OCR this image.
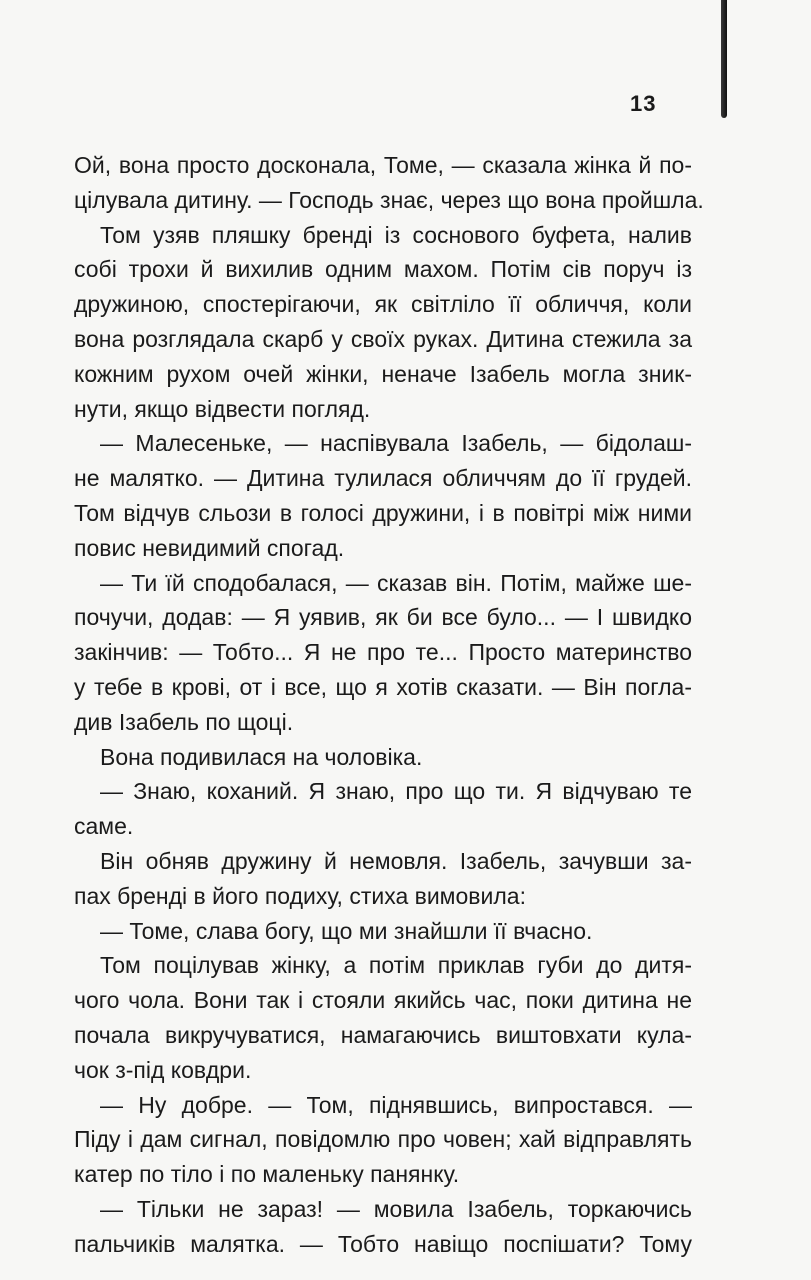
13
Ой, вона просто досконала, Томе, — сказала жінка й по-
цілувала дитину. — Господь знає, через що вона пройшла.
Том узяв пляшку бренді із соснового буфета, налив
собі трохи й вихилив одним махом. Потім сів поруч із
дружиною, спостерігаючи, як світліло її обличчя, коли
вона розглядала скарб у своїх руках. Дитина стежила за
кожним рухом очей жінки, неначе Ізабель могла зник-
нути, якщо відвести погляд.
— Малесеньке, — наспівувала Ізабель, — бідолаш-
не малятко. — Дитина тулилася обличчям до її грудей.
Том відчув сльози в голосі дружини, і в повітрі між ними
повис невидимий спогад.
— Ти їй сподобалася, — сказав він. Потім, майже ше-
почучи, додав: — Я уявив, як би все було... — І швидко
закінчив: — Тобто... Я не про те... Просто материнство
у тебе в крові, от і все, що я хотів сказати. — Він погла-
див Ізабель по щоці.
Вона подивилася на чоловіка.
— Знаю, коханий. Я знаю, про що ти. Я відчуваю те
саме.
Він обняв дружину й немовля. Ізабель, зачувши за-
пах бренді в його подиху, стиха вимовила:
— Томе, слава богу, що ми знайшли її вчасно.
Том поцілував жінку, а потім приклав губи до дитя-
чого чола. Вони так і стояли якийсь час, поки дитина не
почала викручуватися, намагаючись виштовхати кула-
чок з-під ковдри.
— Ну добре. — Том, піднявшись, випростався. —
Піду і дам сигнал, повідомлю про човен; хай відправлять
катер по тіло і по маленьку панянку.
— Тільки не зараз! — мовила Ізабель, торкаючись
пальчиків малятка. — Тобто навіщо поспішати? Тому
